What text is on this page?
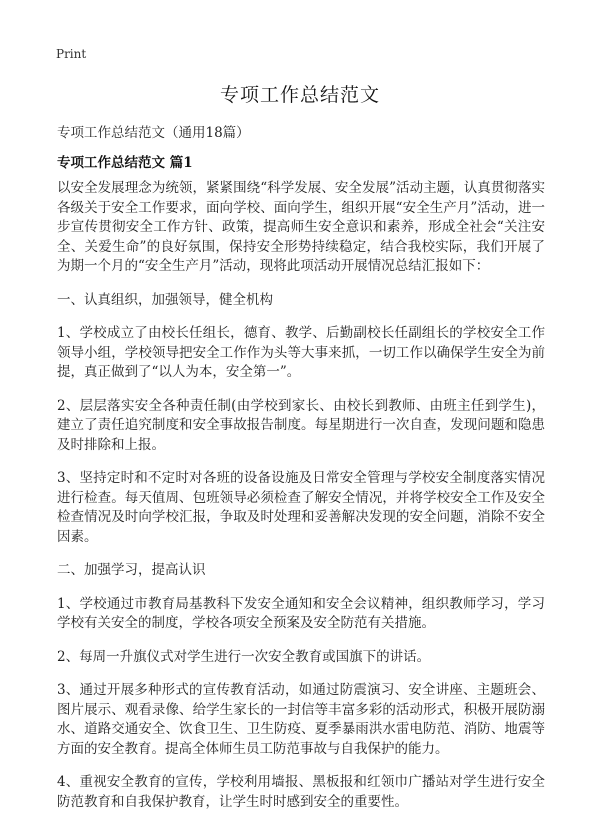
Print
专项工作总结范文
专项工作总结范文（通用18篇）
专项工作总结范文 篇1

以安全发展理念为统领，紧紧围绕“科学发展、安全发展”活动主题，认真贯彻落实各级关于安全工作要求，面向学校、面向学生，组织开展“安全生产月”活动，进一步宣传贯彻安全工作方针、政策，提高师生安全意识和素养，形成全社会“关注安全、关爱生命”的良好氛围，保持安全形势持续稳定，结合我校实际，我们开展了为期一个月的“安全生产月”活动，现将此项活动开展情况总结汇报如下：

一、认真组织，加强领导，健全机构

1、学校成立了由校长任组长，德育、教学、后勤副校长任副组长的学校安全工作领导小组，学校领导把安全工作作为头等大事来抓，一切工作以确保学生安全为前提，真正做到了“以人为本，安全第一”。

2、层层落实安全各种责任制(由学校到家长、由校长到教师、由班主任到学生)，建立了责任追究制度和安全事故报告制度。每星期进行一次自查，发现问题和隐患及时排除和上报。

3、坚持定时和不定时对各班的设备设施及日常安全管理与学校安全制度落实情况进行检查。每天值周、包班领导必须检查了解安全情况，并将学校安全工作及安全检查情况及时向学校汇报，争取及时处理和妥善解决发现的安全问题，消除不安全因素。

二、加强学习，提高认识

1、学校通过市教育局基教科下发安全通知和安全会议精神，组织教师学习，学习学校有关安全的制度，学校各项安全预案及安全防范有关措施。

2、每周一升旗仪式对学生进行一次安全教育或国旗下的讲话。

3、通过开展多种形式的宣传教育活动，如通过防震演习、安全讲座、主题班会、图片展示、观看录像、给学生家长的一封信等丰富多彩的活动形式，积极开展防溺水、道路交通安全、饮食卫生、卫生防疫、夏季暴雨洪水雷电防范、消防、地震等方面的安全教育。提高全体师生员工防范事故与自我保护的能力。

4、重视安全教育的宣传，学校利用墙报、黑板报和红领巾广播站对学生进行安全防范教育和自我保护教育，让学生时时感到安全的重要性。
